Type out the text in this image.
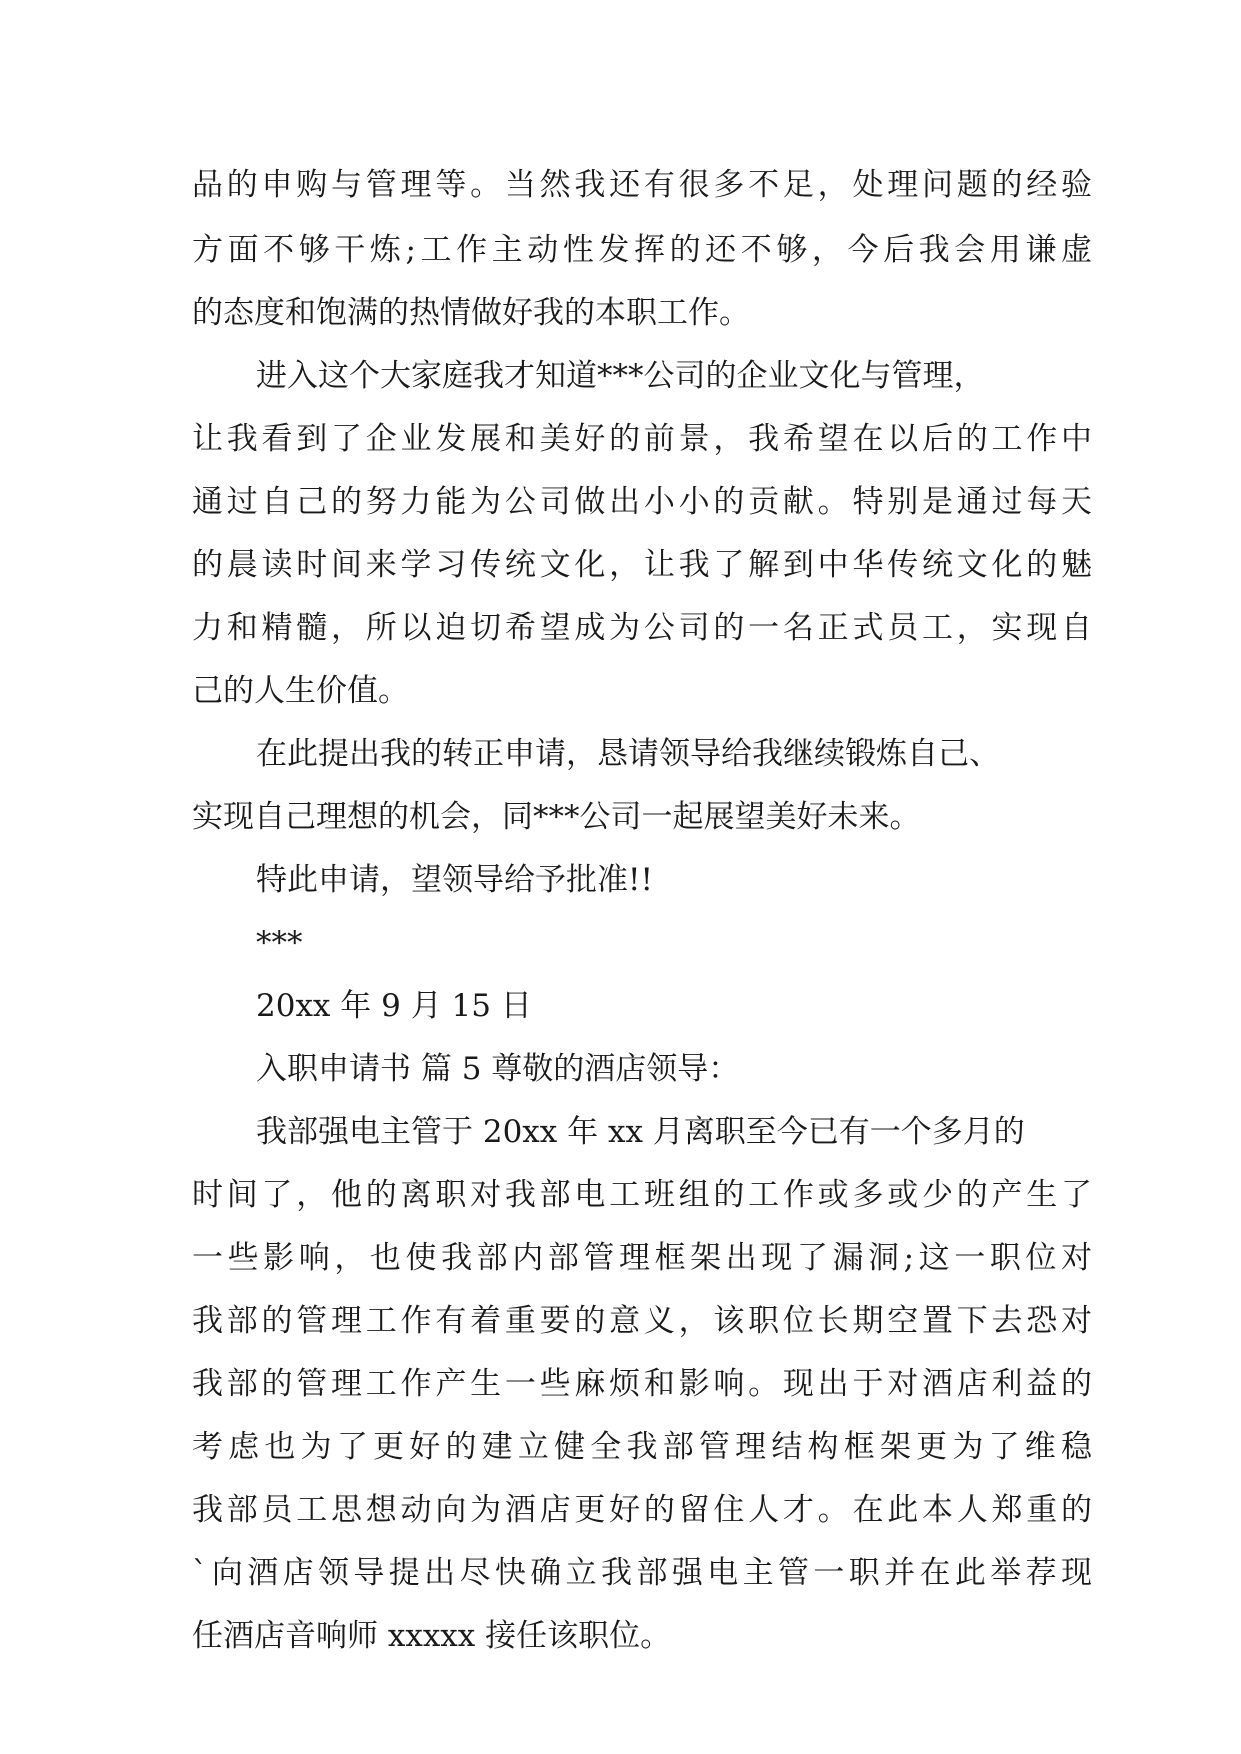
品的申购与管理等。当然我还有很多不足，处理问题的经验
方面不够干炼;工作主动性发挥的还不够，今后我会用谦虚
的态度和饱满的热情做好我的本职工作。
进入这个大家庭我才知道***公司的企业文化与管理，
让我看到了企业发展和美好的前景，我希望在以后的工作中
通过自己的努力能为公司做出小小的贡献。特别是通过每天
的晨读时间来学习传统文化，让我了解到中华传统文化的魅
力和精髓，所以迫切希望成为公司的一名正式员工，实现自
己的人生价值。
在此提出我的转正申请，恳请领导给我继续锻炼自己、
实现自己理想的机会，同***公司一起展望美好未来。
特此申请，望领导给予批准!!
***
20xx 年 9 月 15 日
入职申请书 篇 5 尊敬的酒店领导：
我部强电主管于 20xx 年 xx 月离职至今已有一个多月的
时间了，他的离职对我部电工班组的工作或多或少的产生了
一些影响，也使我部内部管理框架出现了漏洞;这一职位对
我部的管理工作有着重要的意义，该职位长期空置下去恐对
我部的管理工作产生一些麻烦和影响。现出于对酒店利益的
考虑也为了更好的建立健全我部管理结构框架更为了维稳
我部员工思想动向为酒店更好的留住人才。在此本人郑重的
`向酒店领导提出尽快确立我部强电主管一职并在此举荐现
任酒店音响师 xxxxx 接任该职位。
